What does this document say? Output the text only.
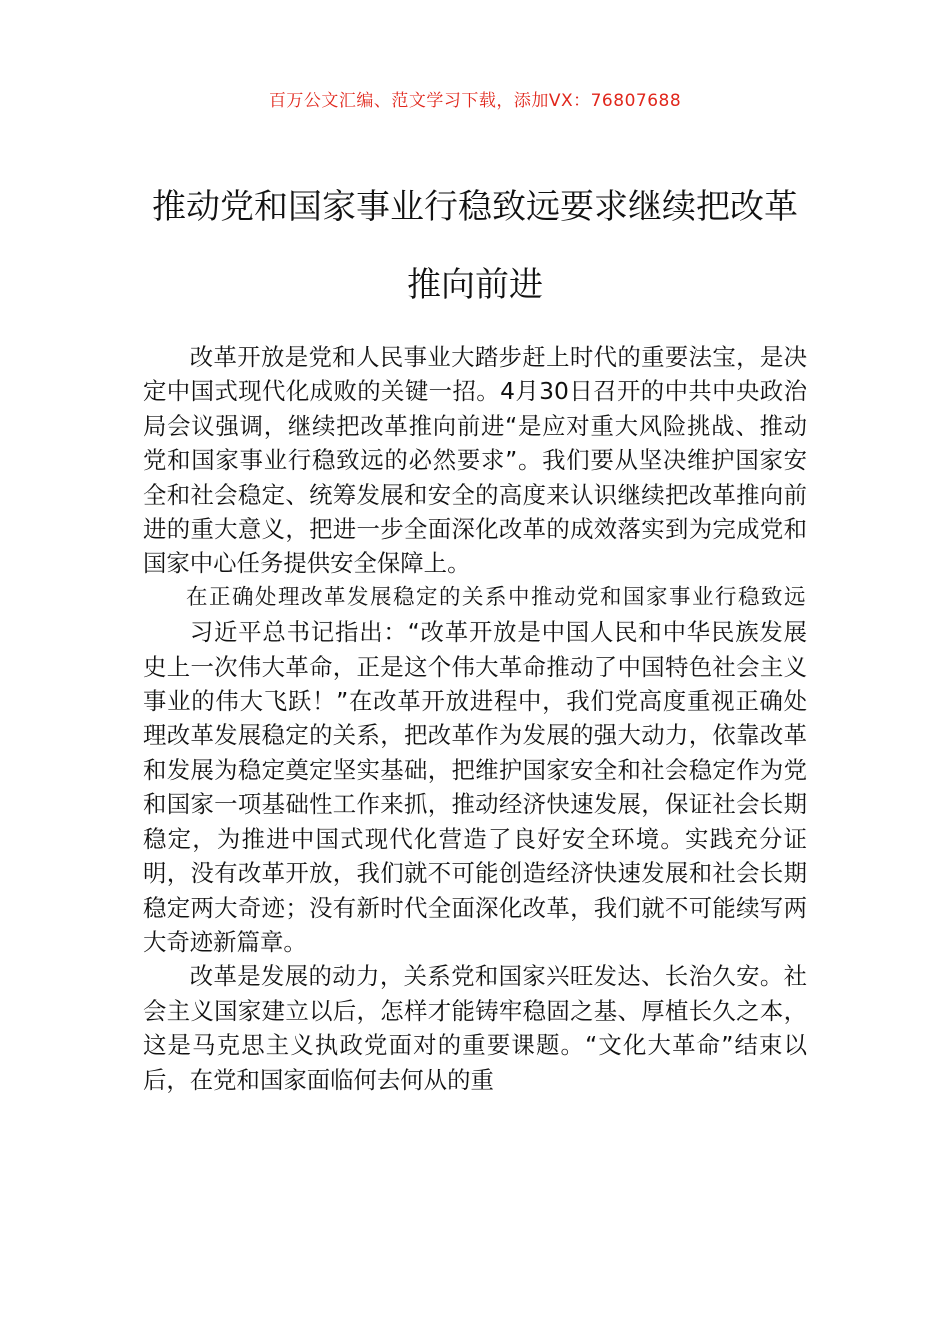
百万公文汇编、范文学习下载，添加VX：76807688
推动党和国家事业行稳致远要求继续把改革推向前进

改革开放是党和人民事业大踏步赶上时代的重要法宝，是决定中国式现代化成败的关键一招。4月30日召开的中共中央政治局会议强调，继续把改革推向前进“是应对重大风险挑战、推动党和国家事业行稳致远的必然要求”。我们要从坚决维护国家安全和社会稳定、统筹发展和安全的高度来认识继续把改革推向前进的重大意义，把进一步全面深化改革的成效落实到为完成党和国家中心任务提供安全保障上。

在正确处理改革发展稳定的关系中推动党和国家事业行稳致远

习近平总书记指出：“改革开放是中国人民和中华民族发展史上一次伟大革命，正是这个伟大革命推动了中国特色社会主义事业的伟大飞跃！”在改革开放进程中，我们党高度重视正确处理改革发展稳定的关系，把改革作为发展的强大动力，依靠改革和发展为稳定奠定坚实基础，把维护国家安全和社会稳定作为党和国家一项基础性工作来抓，推动经济快速发展，保证社会长期稳定，为推进中国式现代化营造了良好安全环境。实践充分证明，没有改革开放，我们就不可能创造经济快速发展和社会长期稳定两大奇迹；没有新时代全面深化改革，我们就不可能续写两大奇迹新篇章。

改革是发展的动力，关系党和国家兴旺发达、长治久安。社会主义国家建立以后，怎样才能铸牢稳固之基、厚植长久之本，这是马克思主义执政党面对的重要课题。“文化大革命”结束以后，在党和国家面临何去何从的重
